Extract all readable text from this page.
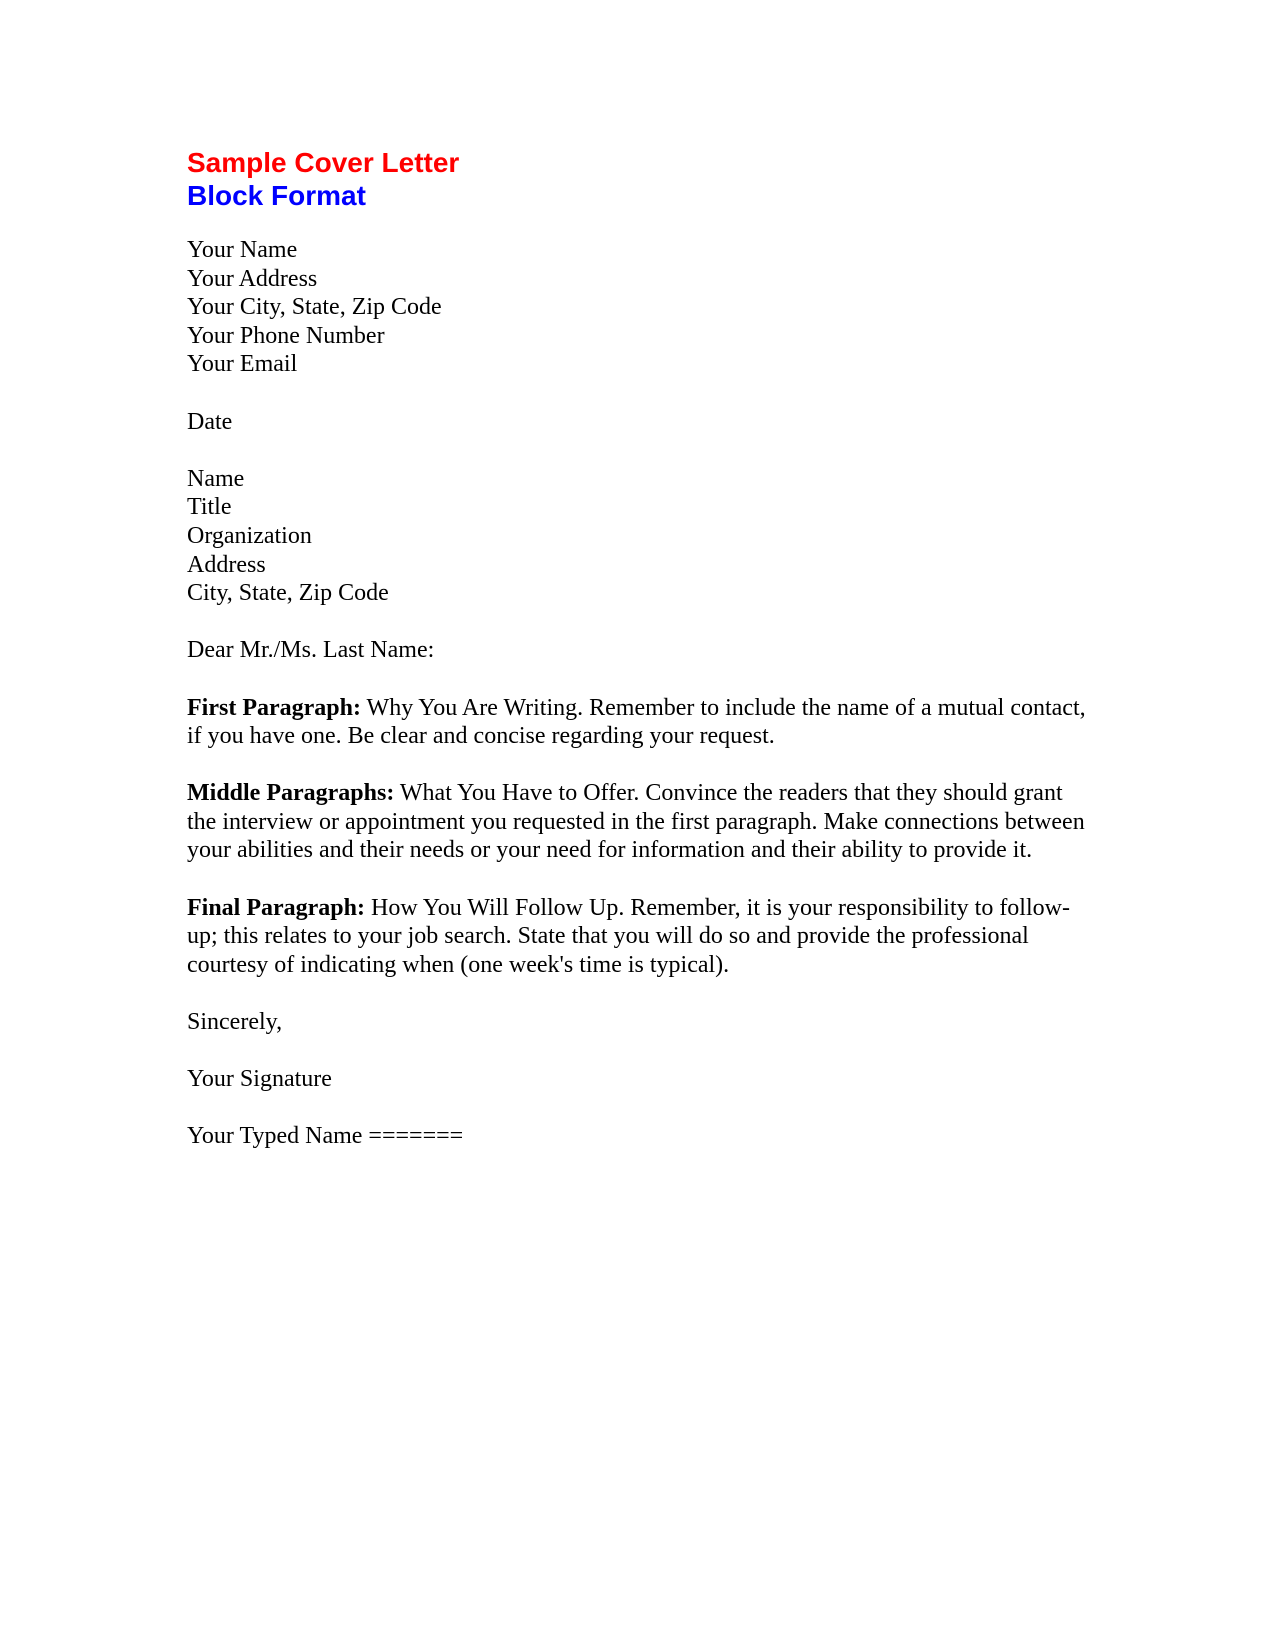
Sample Cover Letter
Block Format
Your Name
Your Address
Your City, State, Zip Code
Your Phone Number
Your Email
Date
Name
Title
Organization
Address
City, State, Zip Code
Dear Mr./Ms. Last Name:

First Paragraph: Why You Are Writing. Remember to include the name of a mutual contact, if you have one. Be clear and concise regarding your request.

Middle Paragraphs: What You Have to Offer. Convince the readers that they should grant the interview or appointment you requested in the first paragraph. Make connections between your abilities and their needs or your need for information and their ability to provide it.

Final Paragraph: How You Will Follow Up. Remember, it is your responsibility to follow-up; this relates to your job search. State that you will do so and provide the professional courtesy of indicating when (one week's time is typical).

Sincerely,
Your Signature
Your Typed Name =======
